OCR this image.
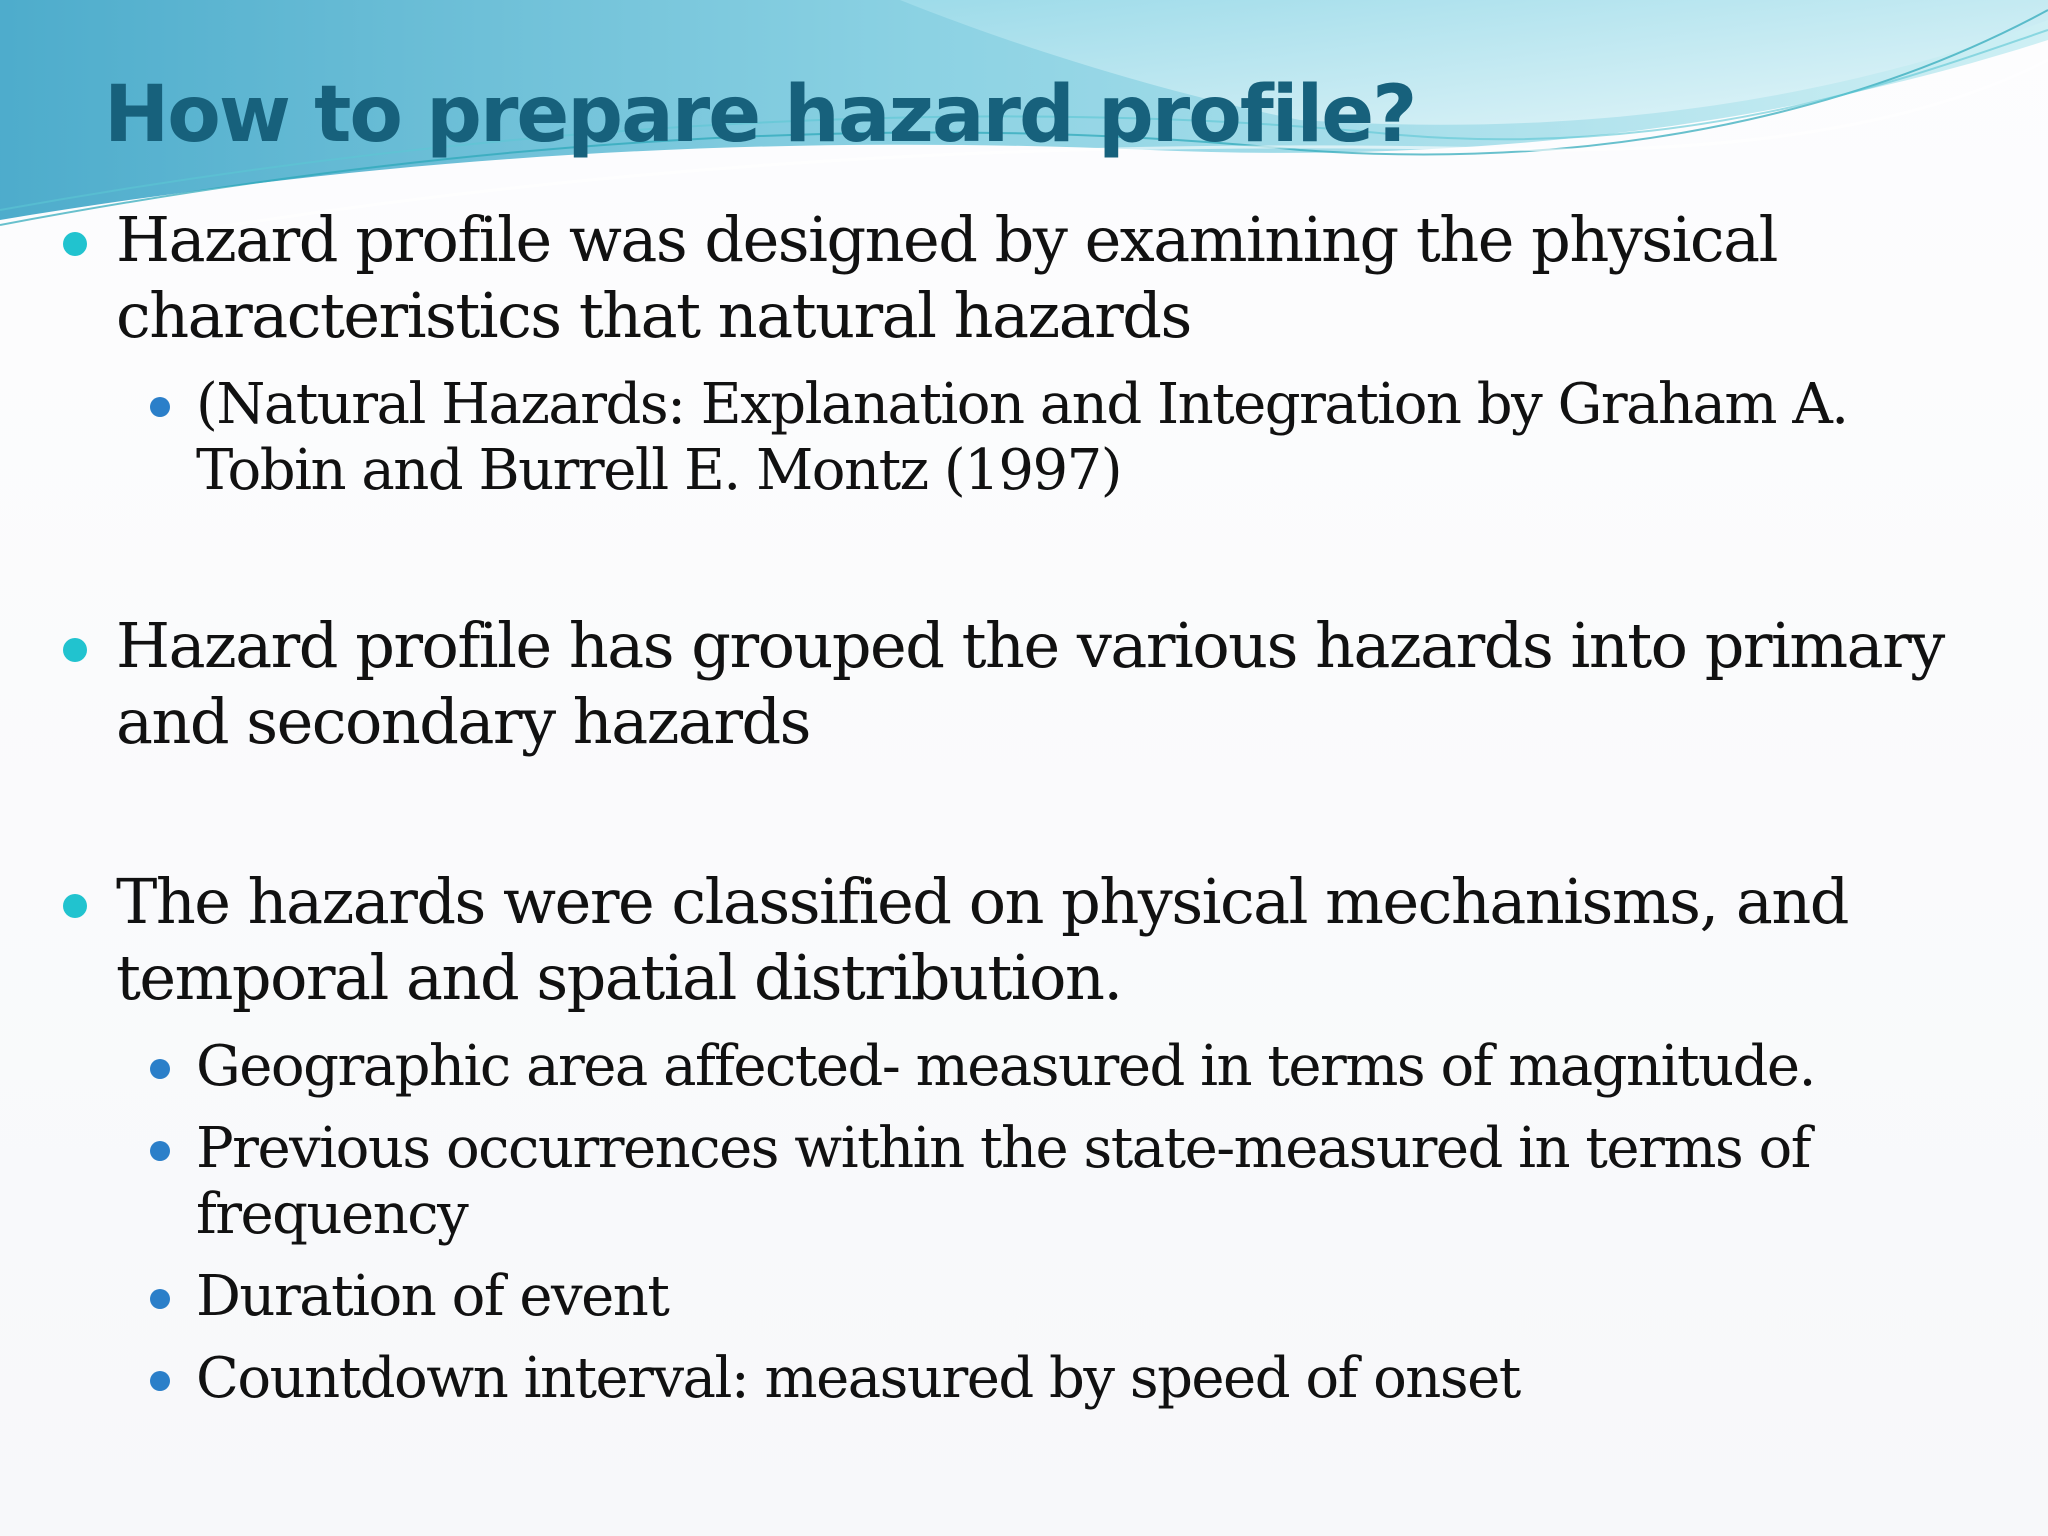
How to prepare hazard profile?
Hazard profile was designed by examining the physical characteristics that natural hazards
(Natural Hazards: Explanation and Integration by Graham A. Tobin and Burrell E. Montz (1997)
Hazard profile has grouped the various hazards into primary and secondary hazards
The hazards were classified on physical mechanisms, and temporal and spatial distribution.
Geographic area affected- measured in terms of magnitude.
Previous occurrences within the state-measured in terms of frequency
Duration of event
Countdown interval: measured by speed of onset
